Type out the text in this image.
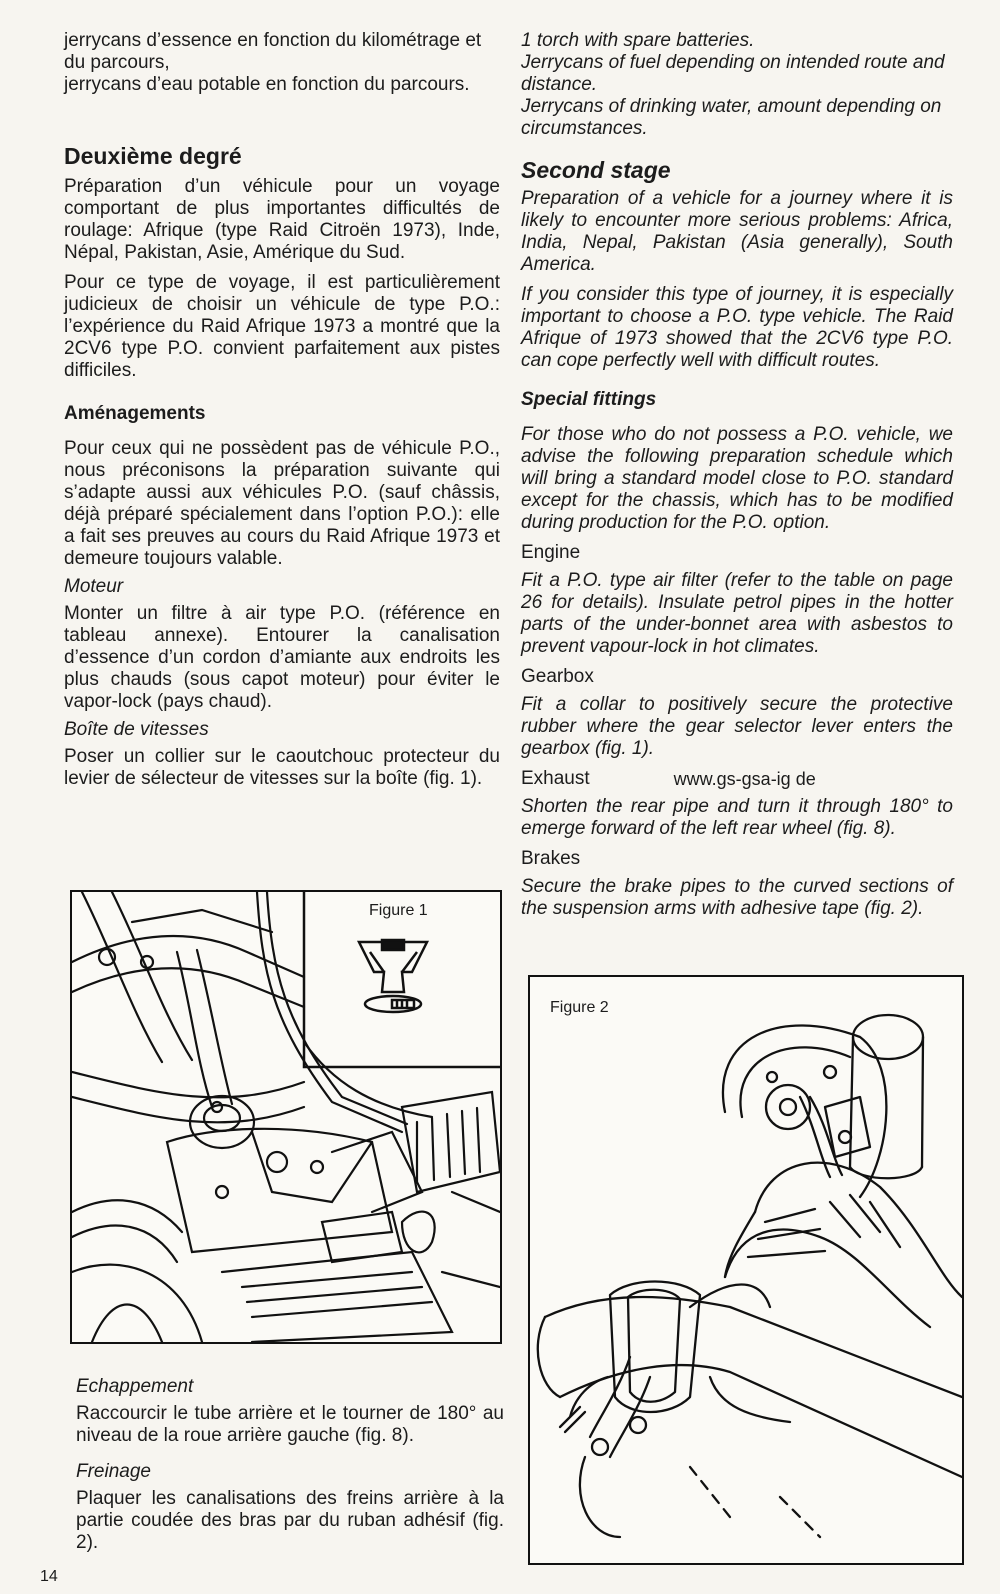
jerrycans d’essence en fonction du kilométrage et du parcours,

jerrycans d’eau potable en fonction du parcours.

Deuxième degré

Préparation d’un véhicule pour un voyage comportant de plus importantes difficultés de roulage: Afrique (type Raid Citroën 1973), Inde, Népal, Pakistan, Asie, Amérique du Sud.

Pour ce type de voyage, il est particulièrement judicieux de choisir un véhicule de type P.O.: l’expérience du Raid Afrique 1973 a montré que la 2CV6 type P.O. convient parfaitement aux pistes difficiles.

Aménagements

Pour ceux qui ne possèdent pas de véhicule P.O., nous préconisons la préparation suivante qui s’adapte aussi aux véhicules P.O. (sauf châssis, déjà préparé spécialement dans l’option P.O.): elle a fait ses preuves au cours du Raid Afrique 1973 et demeure toujours valable.

Moteur

Monter un filtre à air type P.O. (référence en tableau annexe). Entourer la canalisation d’essence d’un cordon d’amiante aux endroits les plus chauds (sous capot moteur) pour éviter le vapor-lock (pays chaud).

Boîte de vitesses

Poser un collier sur le caoutchouc protecteur du levier de sélecteur de vitesses sur la boîte (fig. 1).

1 torch with spare batteries.

Jerrycans of fuel depending on intended route and distance.

Jerrycans of drinking water, amount depending on circumstances.

Second stage

Preparation of a vehicle for a journey where it is likely to encounter more serious problems: Africa, India, Nepal, Pakistan (Asia generally), South America.

If you consider this type of journey, it is especially important to choose a P.O. type vehicle. The Raid Afrique of 1973 showed that the 2CV6 type P.O. can cope perfectly well with difficult routes.

Special fittings

For those who do not possess a P.O. vehicle, we advise the following preparation schedule which will bring a standard model close to P.O. standard except for the chassis, which has to be modified during production for the P.O. option.

Engine

Fit a P.O. type air filter (refer to the table on page 26 for details). Insulate petrol pipes in the hotter parts of the under-bonnet area with asbestos to prevent vapour-lock in hot climates.

Gearbox

Fit a collar to positively secure the protective rubber where the gear selector lever enters the gearbox (fig. 1).

Exhaust	www.gs-gsa-ig de

Shorten the rear pipe and turn it through 180° to emerge forward of the left rear wheel (fig. 8).

Brakes

Secure the brake pipes to the curved sections of the suspension arms with adhesive tape (fig. 2).

Figure 1
Echappement

Raccourcir le tube arrière et le tourner de 180° au niveau de la roue arrière gauche (fig. 8).

Freinage

Plaquer les canalisations des freins arrière à la partie coudée des bras par du ruban adhésif (fig. 2).

Figure 2
14
